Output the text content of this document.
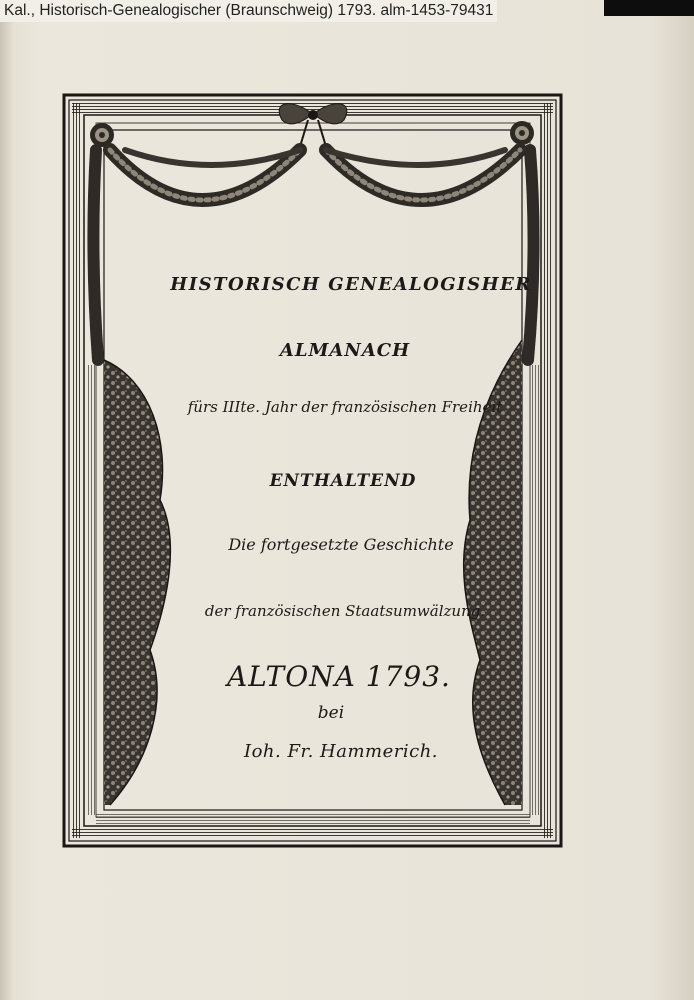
Kal., Historisch-Genealogischer (Braunschweig) 1793. alm-1453-79431
HISTORISCH GENEALOGISHER
ALMANACH
fürs IIIte. Jahr der französischen Freiheit
ENTHALTEND
Die fortgesetzte Geschichte
der französischen Staatsumwälzung.
ALTONA 1793.
bei
Ioh. Fr. Hammerich.
